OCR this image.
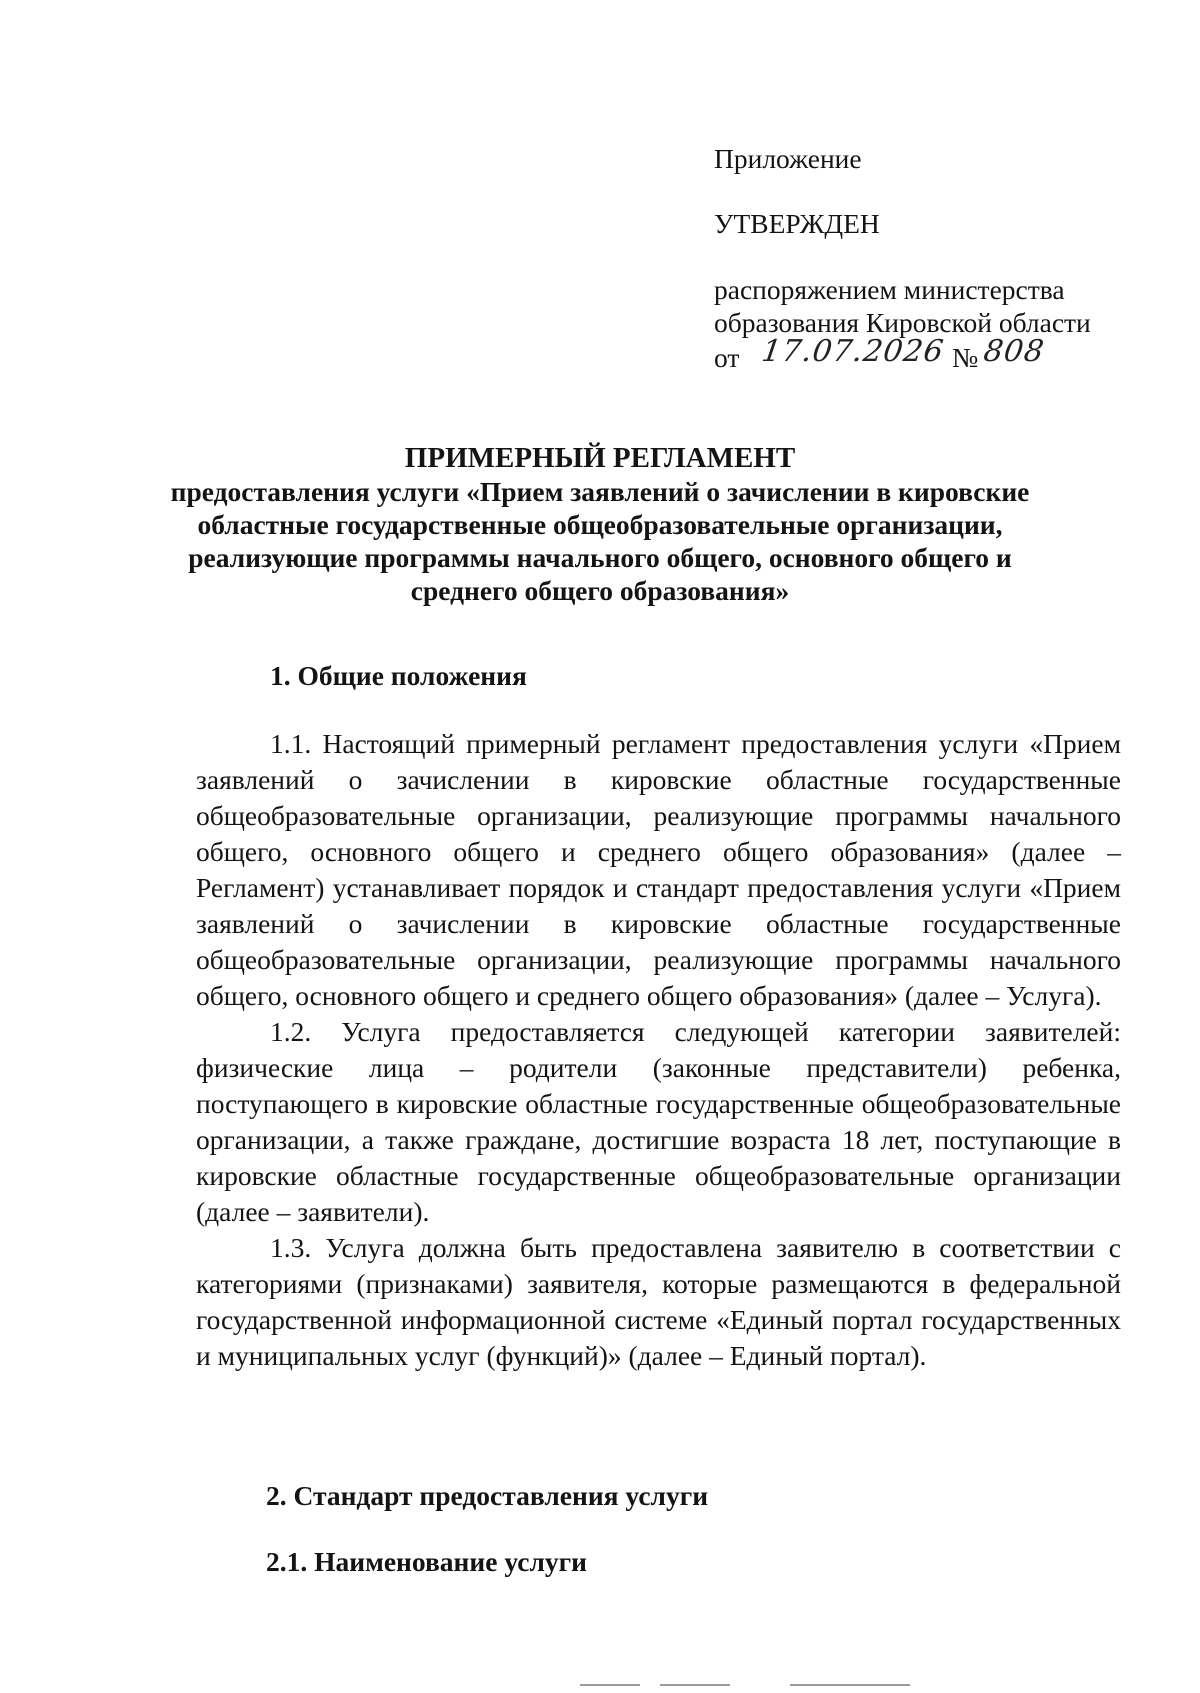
Приложение
УТВЕРЖДЕН
распоряжением министерства
образования Кировской области
от 17.07.2026 № 808
ПРИМЕРНЫЙ РЕГЛАМЕНТ
предоставления услуги «Прием заявлений о зачислении в кировские
областные государственные общеобразовательные организации,
реализующие программы начального общего, основного общего и
среднего общего образования»
1. Общие положения

1.1. Настоящий примерный регламент предоставления услуги «Прием заявлений о зачислении в кировские областные государственные общеобразовательные организации, реализующие программы начального общего, основного общего и среднего общего образования» (далее – Регламент) устанавливает порядок и стандарт предоставления услуги «Прием заявлений о зачислении в кировские областные государственные общеобразовательные организации, реализующие программы начального общего, основного общего и среднего общего образования» (далее – Услуга).

1.2. Услуга предоставляется следующей категории заявителей: физические лица – родители (законные представители) ребенка, поступающего в кировские областные государственные общеобразовательные организации, а также граждане, достигшие возраста 18 лет, поступающие в кировские областные государственные общеобразовательные организации (далее – заявители).

1.3. Услуга должна быть предоставлена заявителю в соответствии с категориями (признаками) заявителя, которые размещаются в федеральной государственной информационной системе «Единый портал государственных и муниципальных услуг (функций)» (далее – Единый портал).

2. Стандарт предоставления услуги
2.1. Наименование услуги
